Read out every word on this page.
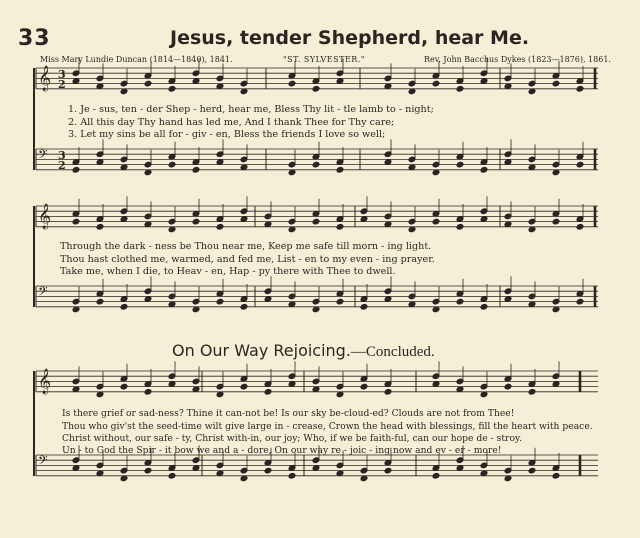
33	Jesus, tender Shepherd, hear Me.
Miss Mary Lundie Duncan (1814—1840), 1841.	"ST. SYLVESTER."	Rev. John Bacchus Dykes (1823—1876), 1861.
𝄞
𝄢
𝄞
𝄢
𝄞
𝄢
3
2
3
2
1. Je - sus, ten - der Shep - herd, hear me, Bless Thy lit - tle lamb to - night;
2. All this day Thy hand has led me, And I thank Thee for Thy care;
3. Let my sins be all for - giv - en, Bless the friends I love so well;
Through the dark - ness be Thou near me, Keep me safe till morn - ing light.
Thou hast clothed me, warmed, and fed me, List - en to my even - ing prayer.
Take me, when I die, to Heav - en, Hap - py there with Thee to dwell.
On Our Way Rejoicing.—Concluded.
Is there grief or sad-ness? Thine it can-not be! Is our sky be-cloud-ed? Clouds are not from Thee!
Thou who giv'st the seed-time wilt give large in - crease, Crown the head with blessings, fill the heart with peace.
Christ without, our safe - ty, Christ with-in, our joy; Who, if we be faith-ful, can our hope de - stroy.
Un - to God the Spir - it bow we and a - dore, On our way re - joic - ing now and ev - er - more!
